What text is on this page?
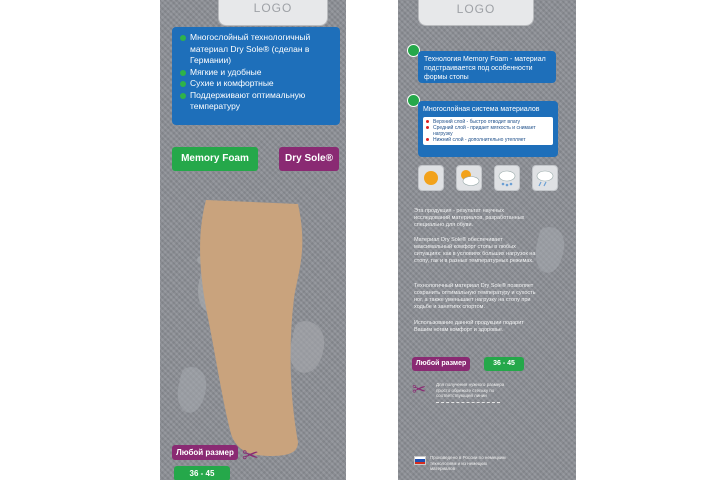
LOGO
Многослойный технологичный материал Dry Sole® (сделан в Германии)
Мягкие и удобные
Сухие и комфортные
Поддерживают оптимальную температуру
Memory Foam	Dry Sole®
Любой размер
36 - 45
✂
LOGO
Технология Memory Foam - материал подстраивается под особенности формы стопы
Многослойная система материалов
Верхний слой - быстро отводит влагу
Средний слой - придает мягкость и снимает нагрузку
Нижний слой - дополнительно утепляет
Эта продукция - результат научных исследований материалов, разработанных специально для обуви.
Материал Dry Sole® обеспечивает максимальный комфорт стопы в любых ситуациях: как в условиях больших нагрузок на стопу, так и в разных температурных режимах.
Технологичный материал Dry Sole® позволяет сохранить оптимальную температуру и сухость ног, а также уменьшает нагрузку на стопу при ходьбе и занятиях спортом.
Использование данной продукции подарит Вашим ногам комфорт и здоровье.
Любой размер	36 - 45
✂ Для получения нужного размера просто обрежьте стельку по соответствующей линии
Произведено в России по немецким технологиям и из немецких материалов
